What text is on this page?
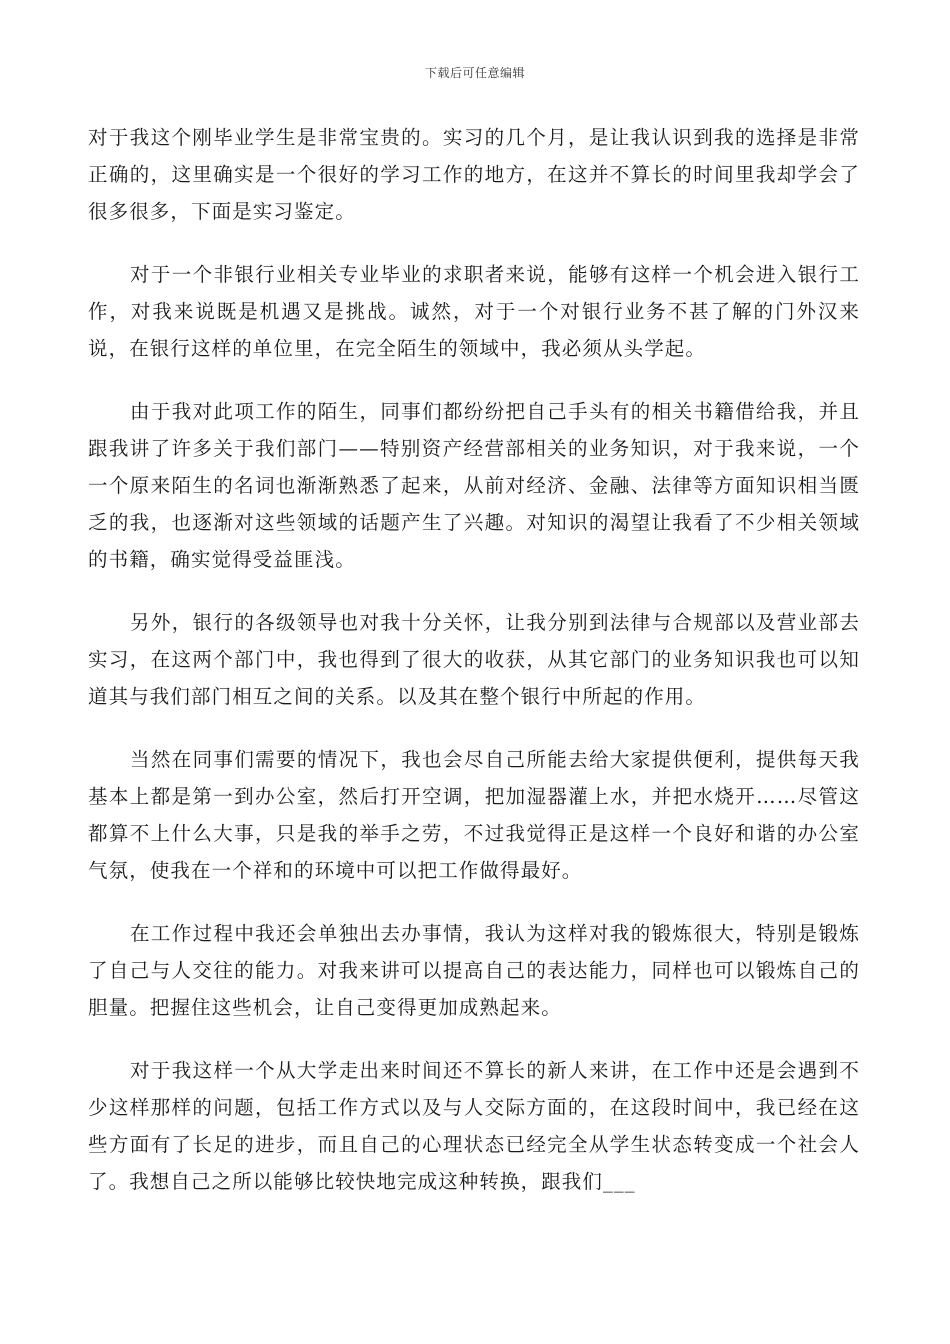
下载后可任意编辑

对于我这个刚毕业学生是非常宝贵的。实习的几个月，是让我认识到我的选择是非常正确的，这里确实是一个很好的学习工作的地方，在这并不算长的时间里我却学会了很多很多，下面是实习鉴定。

对于一个非银行业相关专业毕业的求职者来说，能够有这样一个机会进入银行工作，对我来说既是机遇又是挑战。诚然，对于一个对银行业务不甚了解的门外汉来说，在银行这样的单位里，在完全陌生的领域中，我必须从头学起。

由于我对此项工作的陌生，同事们都纷纷把自己手头有的相关书籍借给我，并且跟我讲了许多关于我们部门——特别资产经营部相关的业务知识，对于我来说，一个一个原来陌生的名词也渐渐熟悉了起来，从前对经济、金融、法律等方面知识相当匮乏的我，也逐渐对这些领域的话题产生了兴趣。对知识的渴望让我看了不少相关领域的书籍，确实觉得受益匪浅。

另外，银行的各级领导也对我十分关怀，让我分别到法律与合规部以及营业部去实习，在这两个部门中，我也得到了很大的收获，从其它部门的业务知识我也可以知道其与我们部门相互之间的关系。以及其在整个银行中所起的作用。

当然在同事们需要的情况下，我也会尽自己所能去给大家提供便利，提供每天我基本上都是第一到办公室，然后打开空调，把加湿器灌上水，并把水烧开……尽管这都算不上什么大事，只是我的举手之劳，不过我觉得正是这样一个良好和谐的办公室气氛，使我在一个祥和的环境中可以把工作做得最好。

在工作过程中我还会单独出去办事情，我认为这样对我的锻炼很大，特别是锻炼了自己与人交往的能力。对我来讲可以提高自己的表达能力，同样也可以锻炼自己的胆量。把握住这些机会，让自己变得更加成熟起来。

对于我这样一个从大学走出来时间还不算长的新人来讲，在工作中还是会遇到不少这样那样的问题，包括工作方式以及与人交际方面的，在这段时间中，我已经在这些方面有了长足的进步，而且自己的心理状态已经完全从学生状态转变成一个社会人了。我想自己之所以能够比较快地完成这种转换，跟我们___
